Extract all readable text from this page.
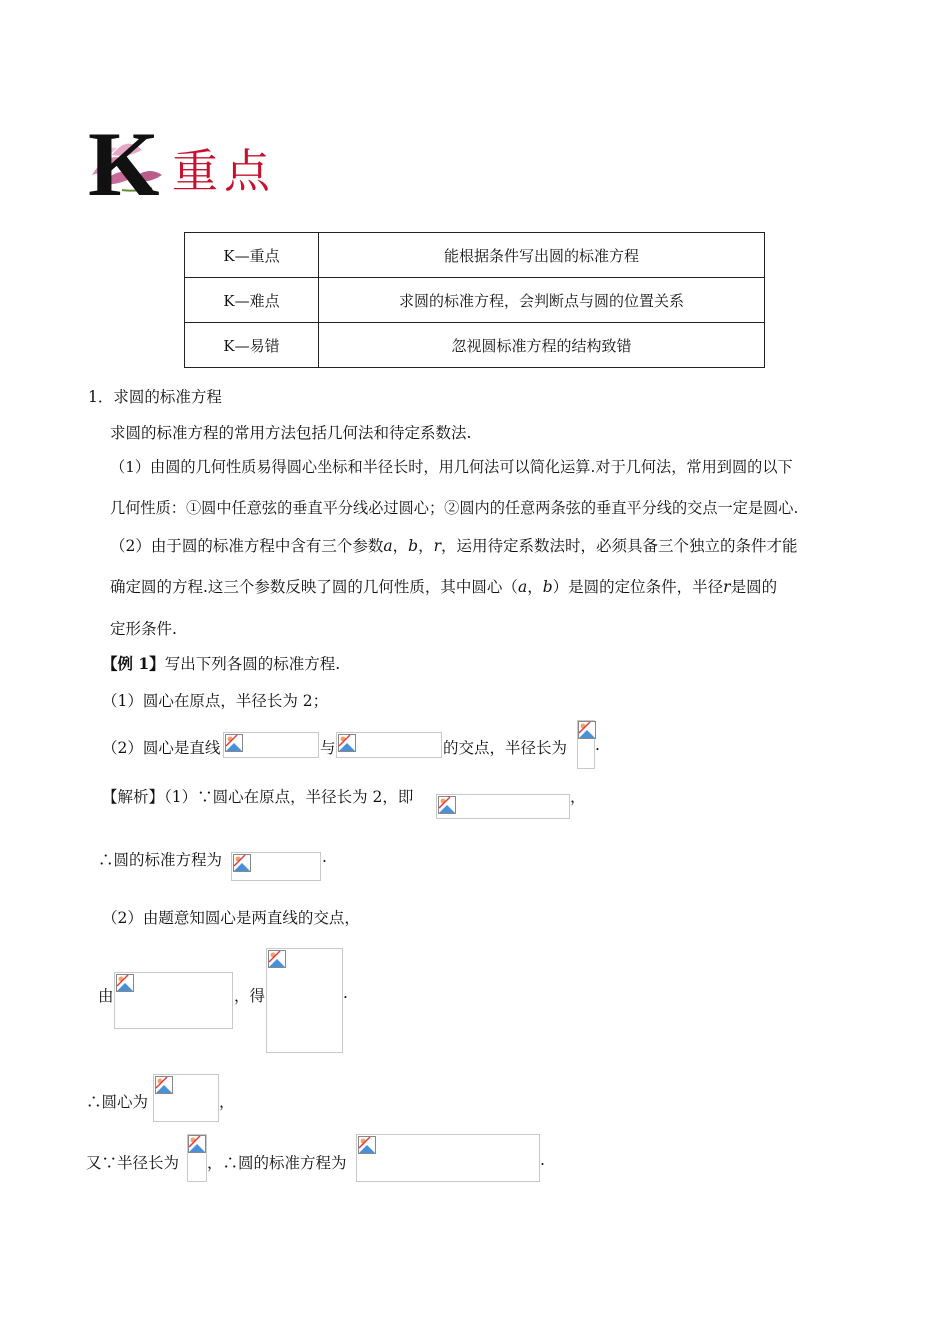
K 重点
K—重点	能根据条件写出圆的标准方程
K—难点	求圆的标准方程，会判断点与圆的位置关系
K—易错	忽视圆标准方程的结构致错
1．求圆的标准方程
求圆的标准方程的常用方法包括几何法和待定系数法.
（1）由圆的几何性质易得圆心坐标和半径长时，用几何法可以简化运算.对于几何法，常用到圆的以下
几何性质：①圆中任意弦的垂直平分线必过圆心；②圆内的任意两条弦的垂直平分线的交点一定是圆心.
（2）由于圆的标准方程中含有三个参数a，b，r，运用待定系数法时，必须具备三个独立的条件才能
确定圆的方程.这三个参数反映了圆的几何性质，其中圆心（a，b）是圆的定位条件，半径r是圆的
定形条件.
【例 1】写出下列各圆的标准方程.
（1）圆心在原点，半径长为 2；
（2）圆心是直线	与	的交点，半径长为 .
【解析】（1）∵圆心在原点，半径长为 2，即	，
∴圆的标准方程为	.
（2）由题意知圆心是两直线的交点，
由	，得	.
∴圆心为	，
又∵半径长为 ，∴圆的标准方程为	.
